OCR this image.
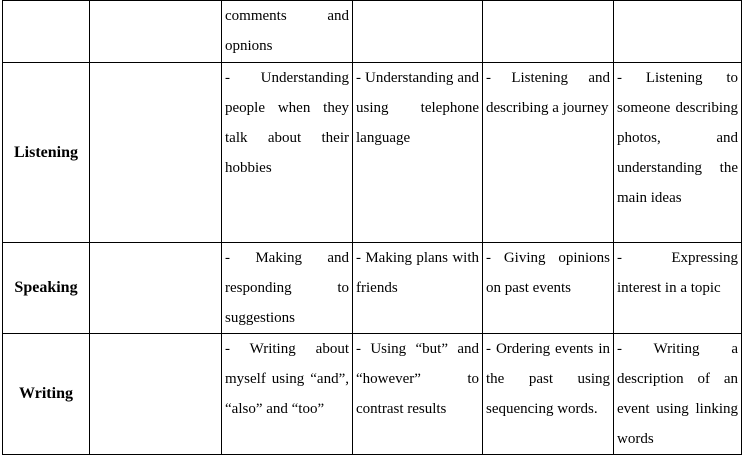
		comments and opnions			

Listening		- Understanding people when they talk about their hobbies	- Understanding and using telephone language	- Listening and describing a journey	- Listening to someone describing photos, and understanding the main ideas

Speaking		- Making and responding to suggestions	- Making plans with friends	- Giving opinions on past events	- Expressing interest in a topic

Writing		- Writing about myself using “and”, “also” and “too”	- Using “but” and “however” to contrast results	- Ordering events in the past using sequencing words.	- Writing a description of an event using linking words
